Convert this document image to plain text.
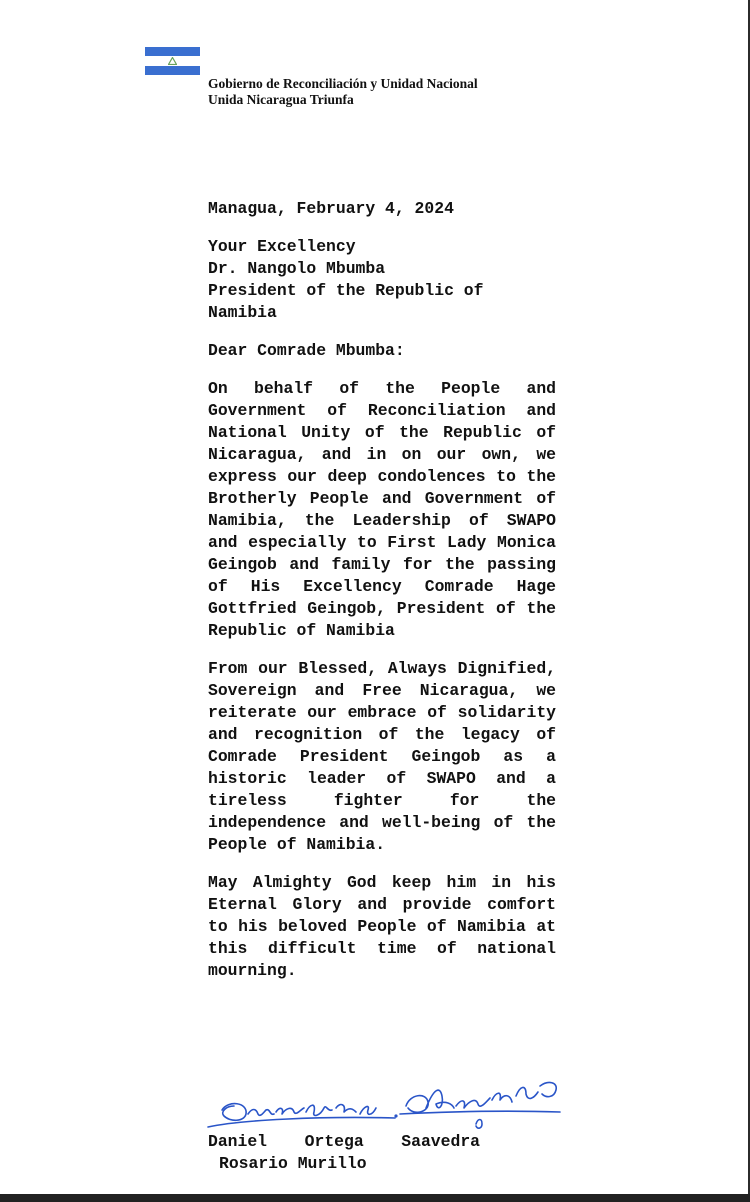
Gobierno de Reconciliación y Unidad Nacional
Unida Nicaragua Triunfa

Managua, February 4, 2024

Your Excellency
Dr. Nangolo Mbumba
President of the Republic of
Namibia

Dear Comrade Mbumba:

On behalf of the People and Government of Reconciliation and National Unity of the Republic of Nicaragua, and in on our own, we express our deep condolences to the Brotherly People and Government of Namibia, the Leadership of SWAPO and especially to First Lady Monica Geingob and family for the passing of His Excellency Comrade Hage Gottfried Geingob, President of the Republic of Namibia

From our Blessed, Always Dignified, Sovereign and Free Nicaragua, we reiterate our embrace of solidarity and recognition of the legacy of Comrade President Geingob as a historic leader of SWAPO and a tireless fighter for the independence and well-being of the People of Namibia.

May Almighty God keep him in his Eternal Glory and provide comfort to his beloved People of Namibia at this difficult time of national mourning.

Daniel Ortega Saavedra
Rosario Murillo
